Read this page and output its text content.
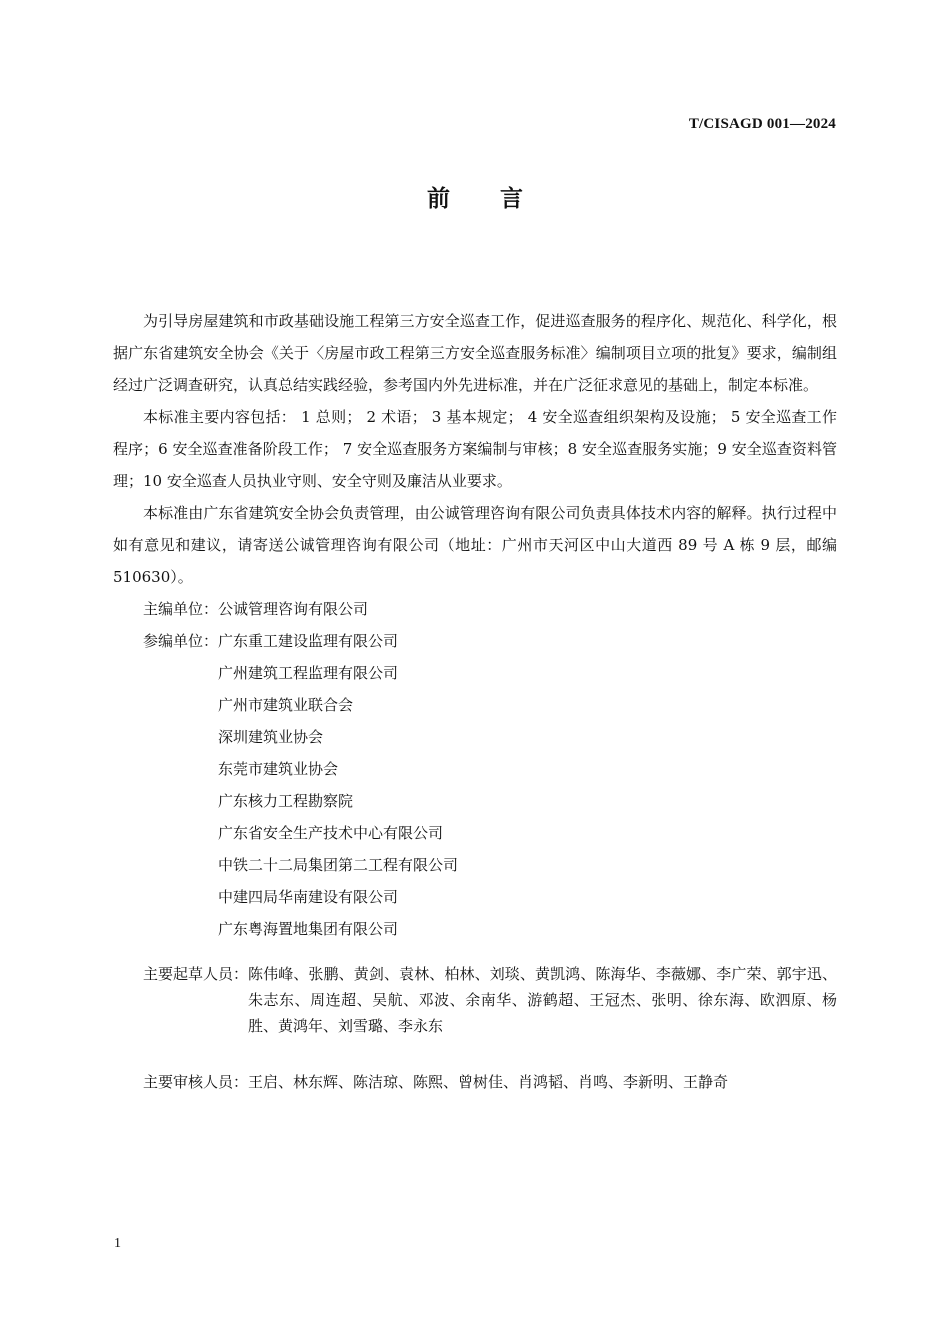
T/CISAGD 001—2024
前言

为引导房屋建筑和市政基础设施工程第三方安全巡查工作，促进巡查服务的程序化、规范化、科学化，根据广东省建筑安全协会《关于〈房屋市政工程第三方安全巡查服务标准〉编制项目立项的批复》要求，编制组经过广泛调查研究，认真总结实践经验，参考国内外先进标准，并在广泛征求意见的基础上，制定本标准。

本标准主要内容包括： 1 总则； 2 术语； 3 基本规定； 4 安全巡查组织架构及设施； 5 安全巡查工作程序；6 安全巡查准备阶段工作； 7 安全巡查服务方案编制与审核；8 安全巡查服务实施；9 安全巡查资料管理；10 安全巡查人员执业守则、安全守则及廉洁从业要求。

本标准由广东省建筑安全协会负责管理，由公诚管理咨询有限公司负责具体技术内容的解释。执行过程中如有意见和建议，请寄送公诚管理咨询有限公司（地址：广州市天河区中山大道西 89 号 A 栋 9 层，邮编 510630）。

主编单位： 公诚管理咨询有限公司
参编单位： 广东重工建设监理有限公司
广州建筑工程监理有限公司
广州市建筑业联合会
深圳建筑业协会
东莞市建筑业协会
广东核力工程勘察院
广东省安全生产技术中心有限公司
中铁二十二局集团第二工程有限公司
中建四局华南建设有限公司
广东粤海置地集团有限公司
主要起草人员： 陈伟峰、张鹏、黄剑、袁林、柏林、刘琰、黄凯鸿、陈海华、李薇娜、李广荣、郭宇迅、朱志东、周连超、吴航、邓波、余南华、游鹤超、王冠杰、张明、徐东海、欧泗原、杨胜、黄鸿年、刘雪璐、李永东
主要审核人员： 王启、林东辉、陈洁琼、陈熙、曾树佳、肖鸿韬、肖鸣、李新明、王静奇
1
